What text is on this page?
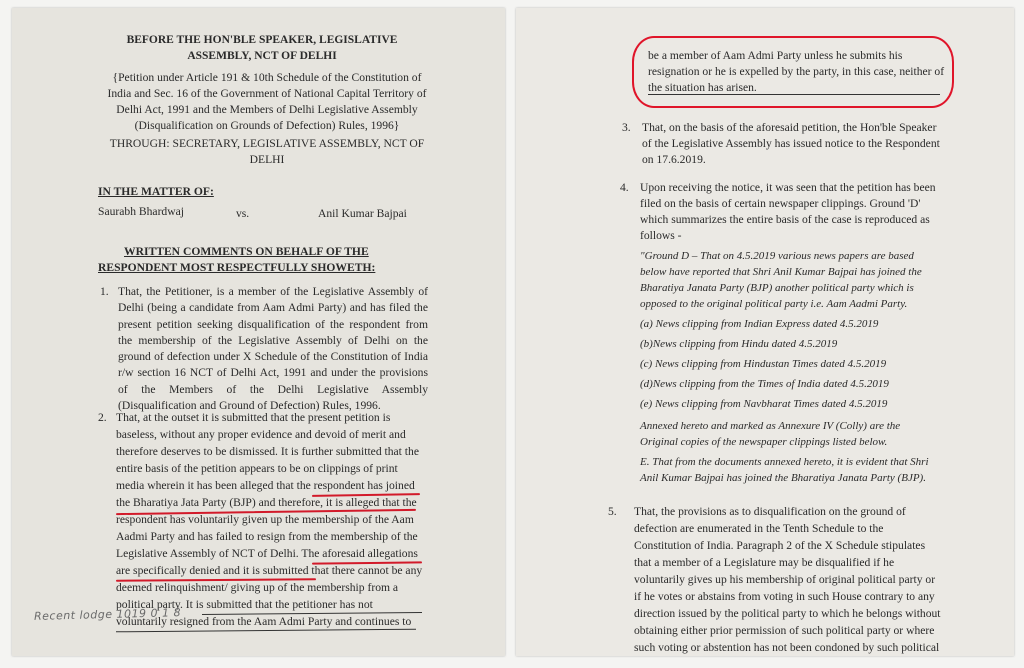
BEFORE THE HON'BLE SPEAKER, LEGISLATIVE
ASSEMBLY, NCT OF DELHI
{Petition under Article 191 & 10th Schedule of the Constitution of
India and Sec. 16 of the Government of National Capital Territory of
Delhi Act, 1991 and the Members of Delhi Legislative Assembly
(Disqualification on Grounds of Defection) Rules, 1996}
THROUGH: SECRETARY, LEGISLATIVE ASSEMBLY, NCT OF
DELHI
IN THE MATTER OF:
Saurabh Bhardwaj	vs.	Anil Kumar Bajpai
WRITTEN COMMENTS ON BEHALF OF THE
RESPONDENT MOST RESPECTFULLY SHOWETH:
1. That, the Petitioner, is a member of the Legislative Assembly of Delhi (being a candidate from Aam Admi Party) and has filed the present petition seeking disqualification of the respondent from the membership of the Legislative Assembly of Delhi on the ground of defection under X Schedule of the Constitution of India r/w section 16 NCT of Delhi Act, 1991 and under the provisions of the Members of the Delhi Legislative Assembly (Disqualification and Ground of Defection) Rules, 1996.
2. That, at the outset it is submitted that the present petition is
baseless, without any proper evidence and devoid of merit and
therefore deserves to be dismissed. It is further submitted that the
entire basis of the petition appears to be on clippings of print
media wherein it has been alleged that the respondent has joined
the Bharatiya Jata Party (BJP) and therefore, it is alleged that the
respondent has voluntarily given up the membership of the Aam
Aadmi Party and has failed to resign from the membership of the
Legislative Assembly of NCT of Delhi. The aforesaid allegations
are specifically denied and it is submitted that there cannot be any
deemed relinquishment/ giving up of the membership from a
political party. It is submitted that the petitioner has not
voluntarily resigned from the Aam Admi Party and continues to
Recent lodge 1019 0 1 8
be a member of Aam Admi Party unless he submits his
resignation or he is expelled by the party, in this case, neither of
the situation has arisen.
3. That, on the basis of the aforesaid petition, the Hon'ble Speaker
of the Legislative Assembly has issued notice to the Respondent
on 17.6.2019.
4. Upon receiving the notice, it was seen that the petition has been
filed on the basis of certain newspaper clippings. Ground 'D'
which summarizes the entire basis of the case is reproduced as
follows -
"Ground D – That on 4.5.2019 various news papers are based
below have reported that Shri Anil Kumar Bajpai has joined the
Bharatiya Janata Party (BJP) another political party which is
opposed to the original political party i.e. Aam Aadmi Party.
(a) News clipping from Indian Express dated 4.5.2019
(b)News clipping from Hindu dated 4.5.2019
(c) News clipping from Hindustan Times dated 4.5.2019
(d)News clipping from the Times of India dated 4.5.2019
(e) News clipping from Navbharat Times dated 4.5.2019
Annexed hereto and marked as Annexure IV (Colly) are the
Original copies of the newspaper clippings listed below.
E. That from the documents annexed hereto, it is evident that Shri
Anil Kumar Bajpai has joined the Bharatiya Janata Party (BJP).
5. That, the provisions as to disqualification on the ground of
defection are enumerated in the Tenth Schedule to the
Constitution of India. Paragraph 2 of the X Schedule stipulates
that a member of a Legislature may be disqualified if he
voluntarily gives up his membership of original political party or
if he votes or abstains from voting in such House contrary to any
direction issued by the political party to which he belongs without
obtaining either prior permission of such political party or where
such voting or abstention has not been condoned by such political
